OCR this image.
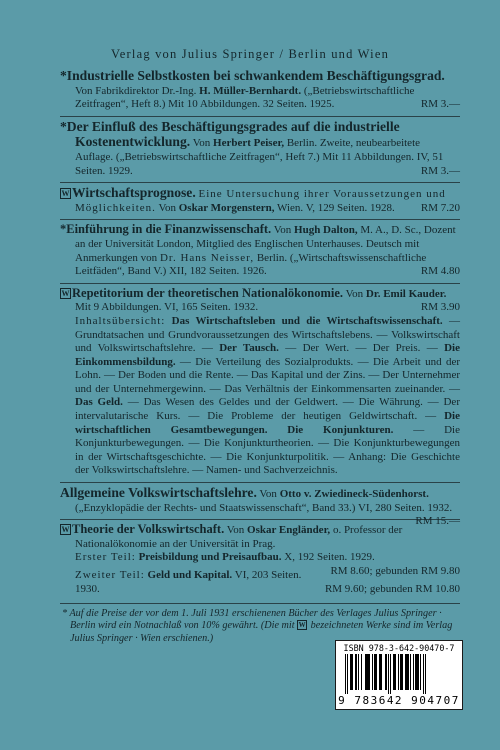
Verlag von Julius Springer / Berlin und Wien

*Industrielle Selbstkosten bei schwankendem Beschäftigungsgrad. Von Fabrikdirektor Dr.-Ing. H. Müller-Bernhardt. („Betriebswirtschaftliche Zeitfragen“, Heft 8.) Mit 10 Abbildungen. 32 Seiten. 1925.	RM 3.—

*Der Einfluß des Beschäftigungsgrades auf die industrielle Kostenentwicklung. Von Herbert Peiser, Berlin. Zweite, neubearbeitete Auflage. („Betriebswirtschaftliche Zeitfragen“, Heft 7.) Mit 11 Abbildungen. IV, 51 Seiten. 1929.	RM 3.—

W Wirtschaftsprognose. Eine Untersuchung ihrer Voraussetzungen und Möglichkeiten. Von Oskar Morgenstern, Wien. V, 129 Seiten. 1928. RM 7.20

*Einführung in die Finanzwissenschaft. Von Hugh Dalton, M. A., D. Sc., Dozent an der Universität London, Mitglied des Englischen Unterhauses. Deutsch mit Anmerkungen von Dr. Hans Neisser, Berlin. („Wirtschaftswissenschaftliche Leitfäden“, Band V.) XII, 182 Seiten. 1926.	RM 4.80

W Repetitorium der theoretischen Nationalökonomie. Von Dr. Emil Kauder. Mit 9 Abbildungen. VI, 165 Seiten. 1932.	RM 3.90

Inhaltsübersicht: Das Wirtschaftsleben und die Wirtschaftswissenschaft. — Grundtatsachen und Grundvoraussetzungen des Wirtschaftslebens. — Volkswirtschaft und Volkswirtschaftslehre. — Der Tausch. — Der Wert. — Der Preis. — Die Einkommensbildung. — Die Verteilung des Sozialprodukts. — Die Arbeit und der Lohn. — Der Boden und die Rente. — Das Kapital und der Zins. — Der Unternehmer und der Unternehmergewinn. — Das Verhältnis der Einkommensarten zueinander. — Das Geld. — Das Wesen des Geldes und der Geldwert. — Die Währung. — Der intervalutarische Kurs. — Die Probleme der heutigen Geldwirtschaft. — Die wirtschaftlichen Gesamtbewegungen. Die Konjunkturen. — Die Konjunkturbewegungen. — Die Konjunkturtheorien. — Die Konjunkturbewegungen in der Wirtschaftsgeschichte. — Die Konjunkturpolitik. — Anhang: Die Geschichte der Volkswirtschaftslehre. — Namen- und Sachverzeichnis.

Allgemeine Volkswirtschaftslehre. Von Otto v. Zwiedineck-Südenhorst. („Enzyklopädie der Rechts- und Staatswissenschaft“, Band 33.) VI, 280 Seiten. 1932.
RM 15.—

W Theorie der Volkswirtschaft. Von Oskar Engländer, o. Professor der Nationalökonomie an der Universität in Prag.

Erster Teil: Preisbildung und Preisaufbau. X, 192 Seiten. 1929.
RM 8.60; gebunden RM 9.80

Zweiter Teil: Geld und Kapital. VI, 203 Seiten. 1930.	RM 9.60; gebunden RM 10.80

* Auf die Preise der vor dem 1. Juli 1931 erschienenen Bücher des Verlages Julius Springer · Berlin wird ein Notnachlaß von 10% gewährt. (Die mit W bezeichneten Werke sind im Verlag Julius Springer · Wien erschienen.)
ISBN 978-3-642-90470-7
9 783642 904707
